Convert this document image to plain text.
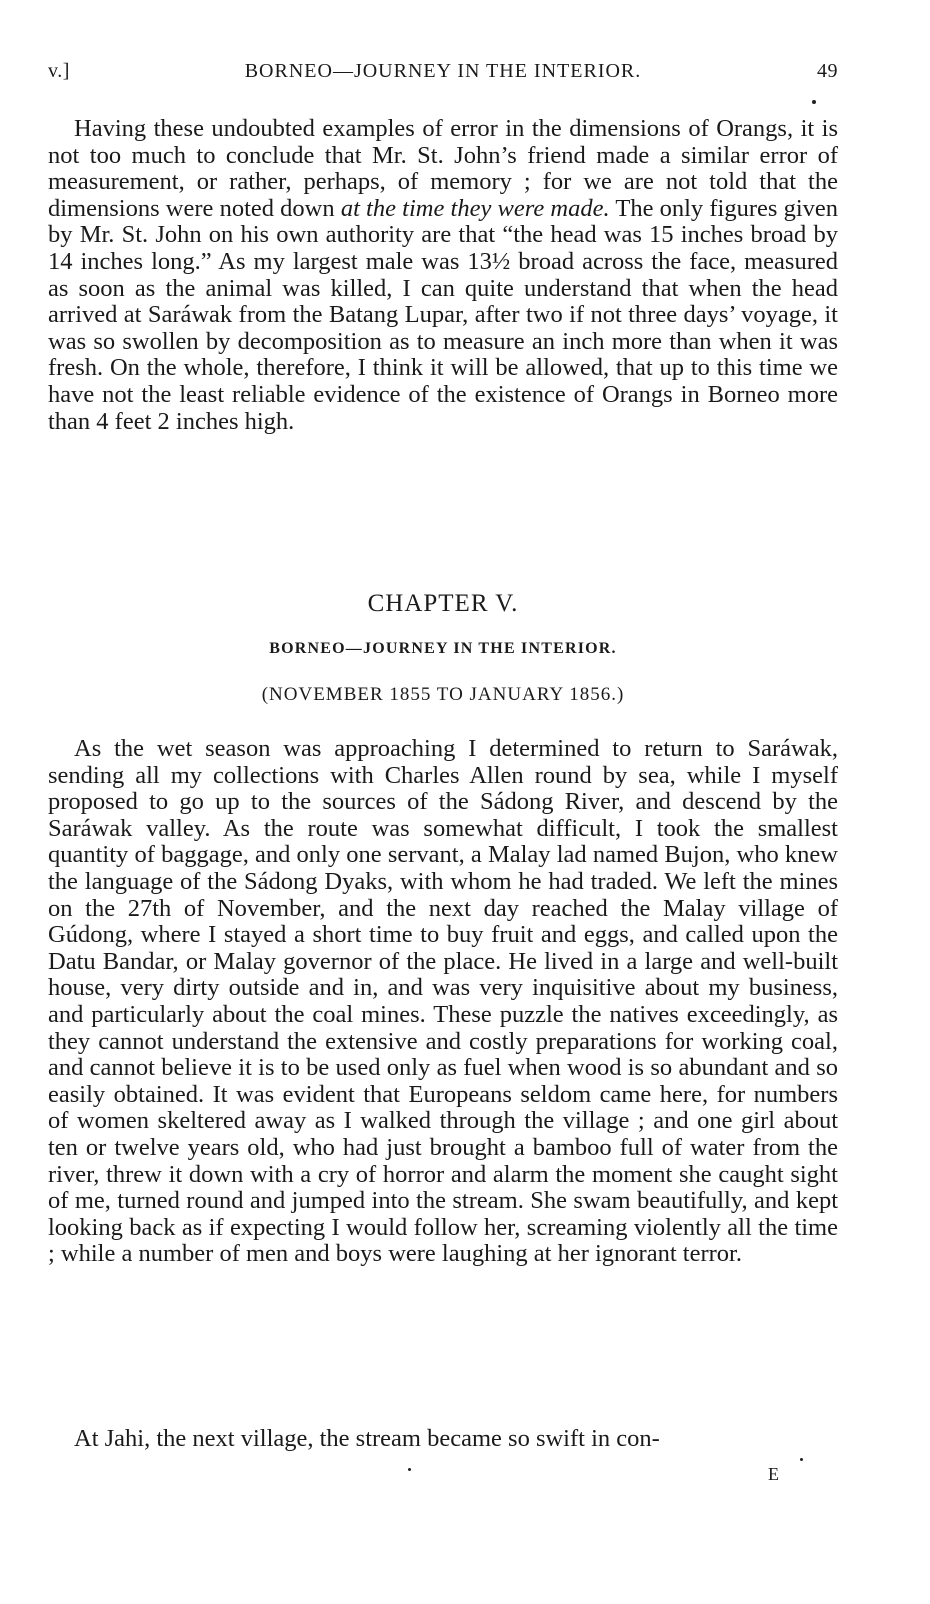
v.]	BORNEO—JOURNEY IN THE INTERIOR.	49

Having these undoubted examples of error in the dimensions of Orangs, it is not too much to conclude that Mr. St. John’s friend made a similar error of measurement, or rather, perhaps, of memory ; for we are not told that the dimensions were noted down at the time they were made. The only figures given by Mr. St. John on his own authority are that “the head was 15 inches broad by 14 inches long.” As my largest male was 13½ broad across the face, measured as soon as the animal was killed, I can quite understand that when the head arrived at Saráwak from the Batang Lupar, after two if not three days’ voyage, it was so swollen by decomposition as to measure an inch more than when it was fresh. On the whole, therefore, I think it will be allowed, that up to this time we have not the least reliable evidence of the existence of Orangs in Borneo more than 4 feet 2 inches high.

CHAPTER V.
BORNEO—JOURNEY IN THE INTERIOR.
(NOVEMBER 1855 TO JANUARY 1856.)

As the wet season was approaching I determined to return to Saráwak, sending all my collections with Charles Allen round by sea, while I myself proposed to go up to the sources of the Sádong River, and descend by the Saráwak valley. As the route was somewhat difficult, I took the smallest quantity of baggage, and only one servant, a Malay lad named Bujon, who knew the language of the Sádong Dyaks, with whom he had traded. We left the mines on the 27th of November, and the next day reached the Malay village of Gúdong, where I stayed a short time to buy fruit and eggs, and called upon the Datu Bandar, or Malay governor of the place. He lived in a large and well-built house, very dirty outside and in, and was very inquisitive about my business, and particularly about the coal mines. These puzzle the natives exceedingly, as they cannot understand the extensive and costly preparations for working coal, and cannot believe it is to be used only as fuel when wood is so abundant and so easily obtained. It was evident that Europeans seldom came here, for numbers of women skeltered away as I walked through the village ; and one girl about ten or twelve years old, who had just brought a bamboo full of water from the river, threw it down with a cry of horror and alarm the moment she caught sight of me, turned round and jumped into the stream. She swam beautifully, and kept looking back as if expecting I would follow her, screaming violently all the time ; while a number of men and boys were laughing at her ignorant terror.

At Jahi, the next village, the stream became so swift in con-

E
